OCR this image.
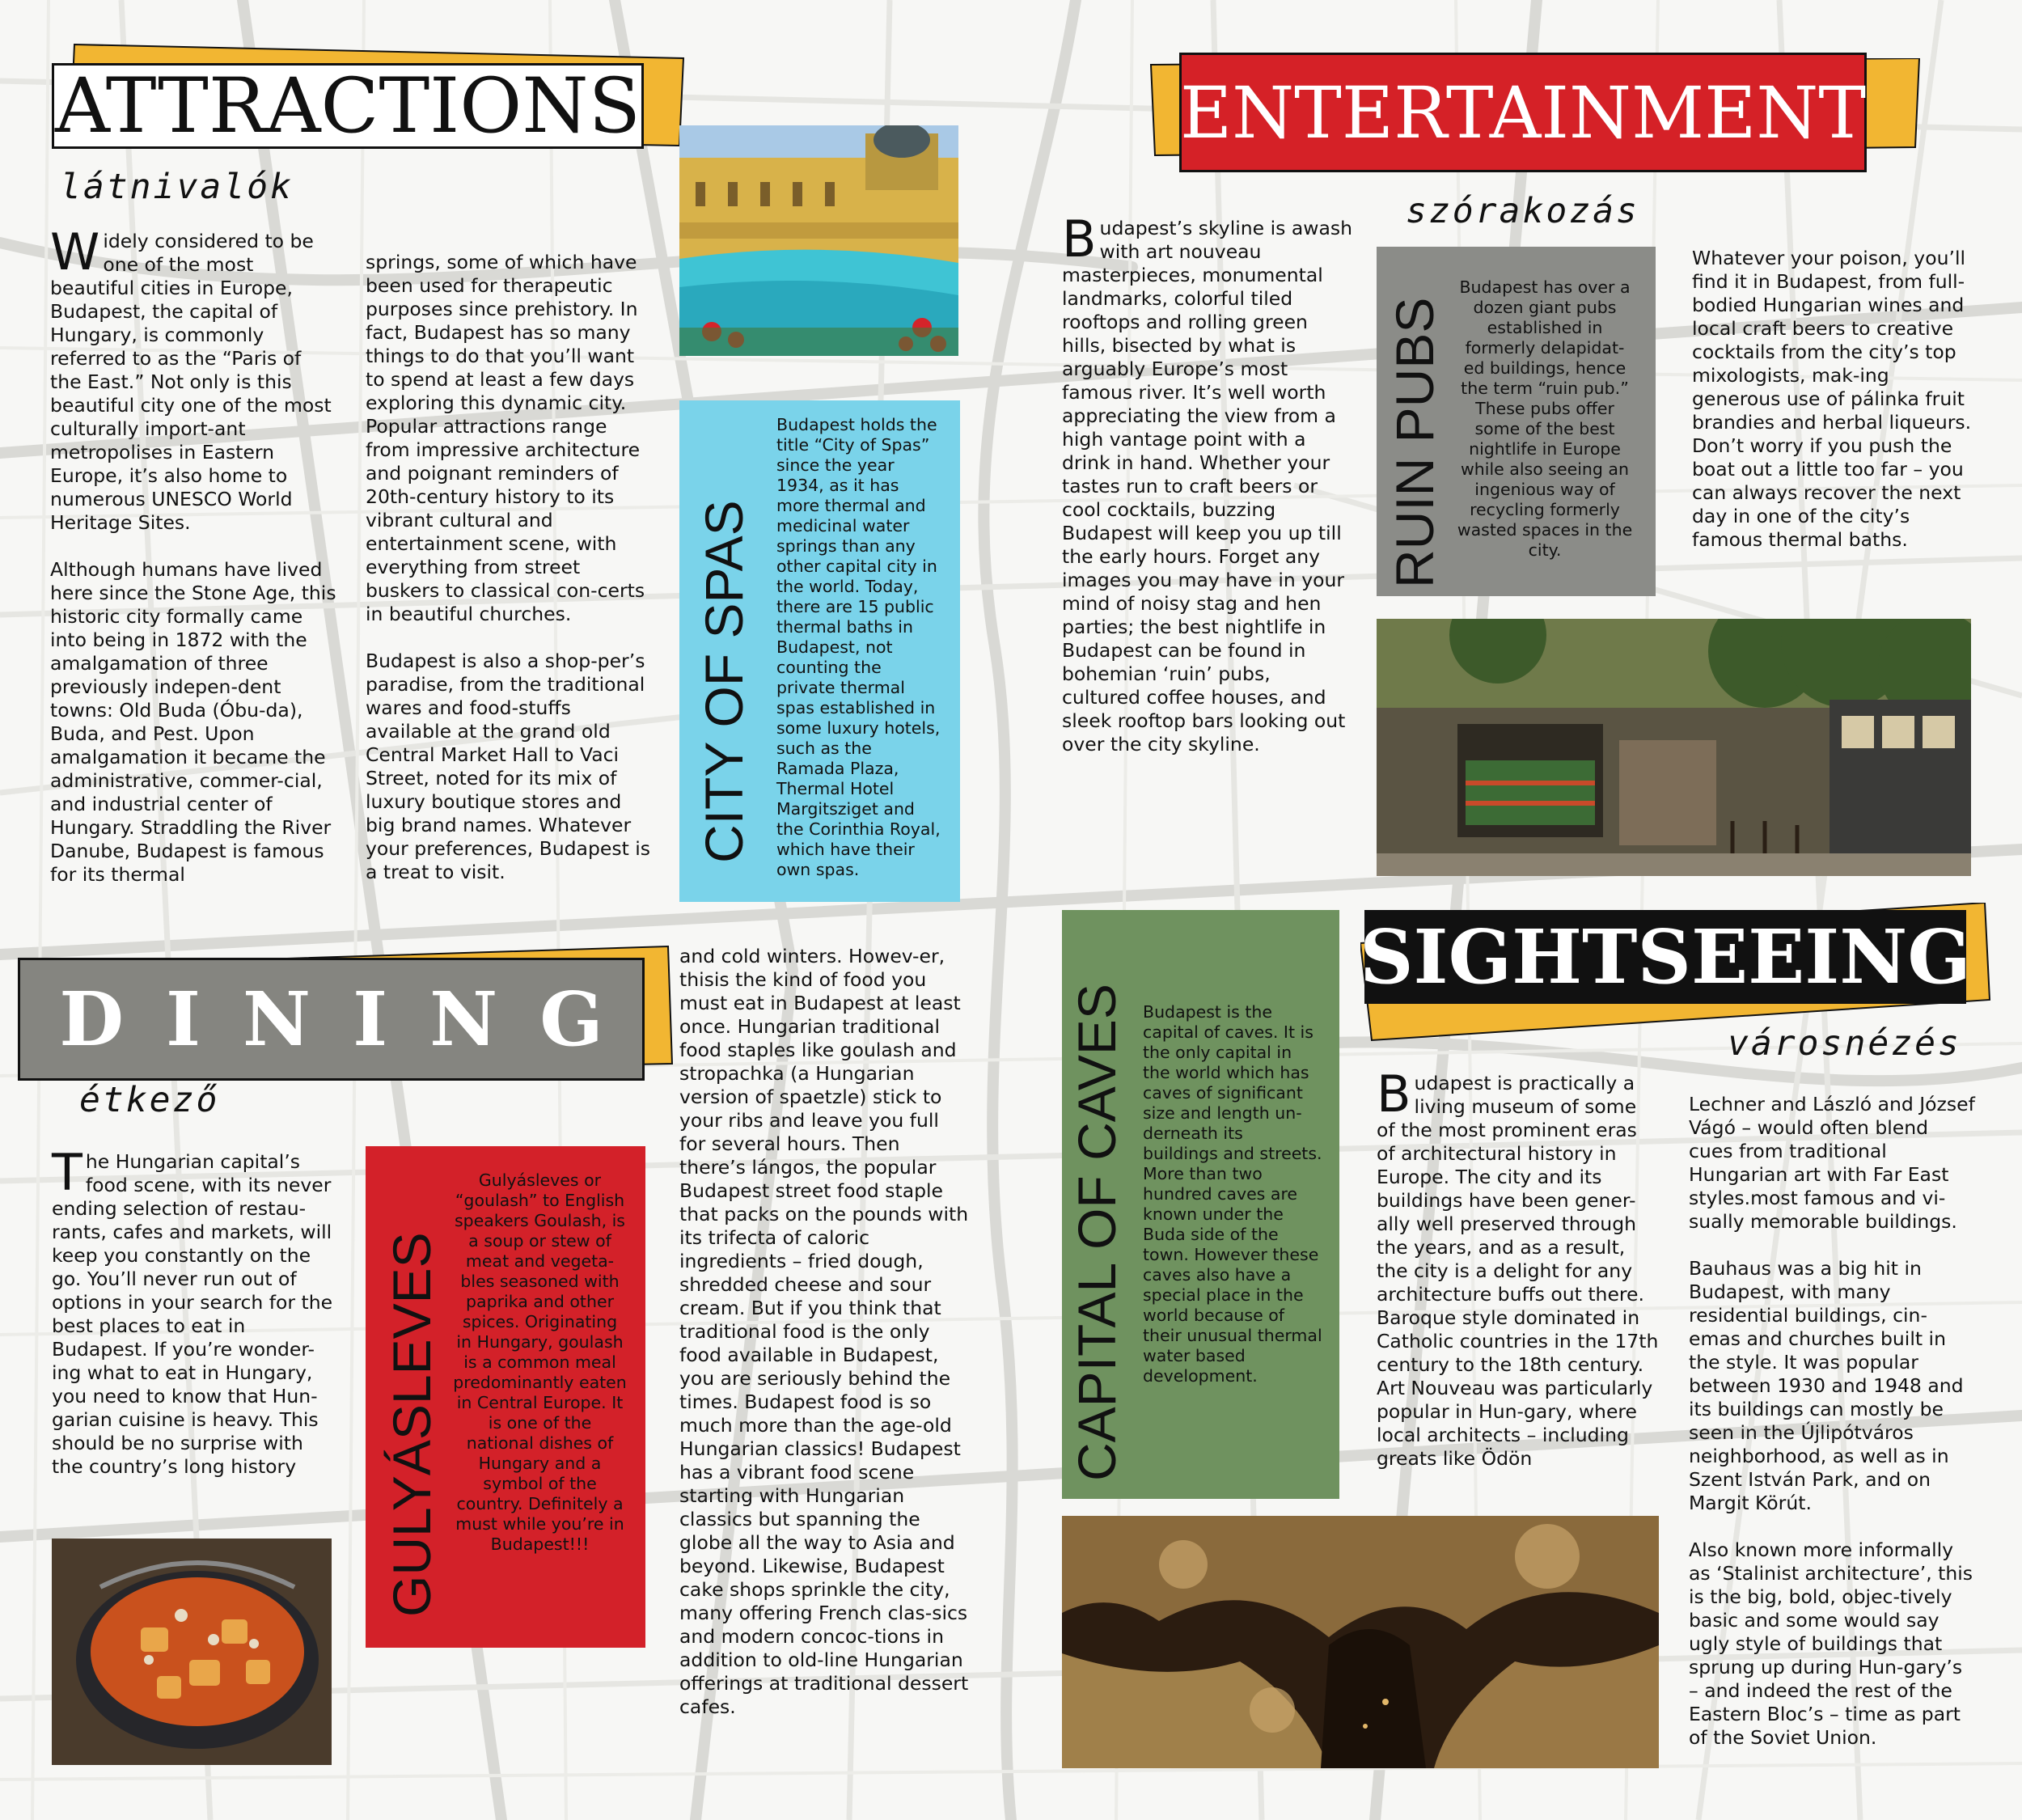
ATTRACTIONS
látnivalók
Widely considered to be one of the most beautiful cities in Europe, Budapest, the capital of Hungary, is commonly referred to as the “Paris of the East.” Not only is this beautiful city one of the most culturally import-ant metropolises in Eastern Europe, it’s also home to numerous UNESCO World Heritage Sites.
Although humans have lived here since the Stone Age, this historic city formally came into being in 1872 with the amalgamation of three previously indepen-dent towns: Old Buda (Óbu-da), Buda, and Pest. Upon amalgamation it became the administrative, commer-cial, and industrial center of Hungary. Straddling the River Danube, Budapest is famous for its thermal
springs, some of which have been used for therapeutic purposes since prehistory. In fact, Budapest has so many things to do that you’ll want to spend at least a few days exploring this dynamic city. Popular attractions range from impressive architecture and poignant reminders of 20th-century history to its vibrant cultural and entertainment scene, with everything from street buskers to classical con-certs in beautiful churches.
Budapest is also a shop-per’s paradise, from the traditional wares and food-stuffs available at the grand old Central Market Hall to Vaci Street, noted for its mix of luxury boutique stores and big brand names. Whatever your preferences, Budapest is a treat to visit.
CITY OF SPAS
Budapest holds the title “City of Spas” since the year 1934, as it has more thermal and medicinal water springs than any other capital city in the world. Today, there are 15 public thermal baths in Budapest, not counting the private thermal spas established in some luxury hotels, such as the Ramada Plaza, Thermal Hotel Margitsziget and the Corinthia Royal, which have their own spas.
ENTERTAINMENT
szórakozás
Budapest’s skyline is awash with art nouveau masterpieces, monumental landmarks, colorful tiled rooftops and rolling green hills, bisected by what is arguably Europe’s most famous river. It’s well worth appreciating the view from a high vantage point with a drink in hand. Whether your tastes run to craft beers or cool cocktails, buzzing Budapest will keep you up till the early hours. Forget any images you may have in your mind of noisy stag and hen parties; the best nightlife in Budapest can be found in bohemian ‘ruin’ pubs, cultured coffee houses, and sleek rooftop bars looking out over the city skyline.
RUIN PUBS
Budapest has over a dozen giant pubs established in formerly delapidat-ed buildings, hence the term “ruin pub.” These pubs offer some of the best nightlife in Europe while also seeing an ingenious way of recycling formerly wasted spaces in the city.
Whatever your poison, you’ll find it in Budapest, from full-bodied Hungarian wines and local craft beers to creative cocktails from the city’s top mixologists, mak-ing generous use of pálinka fruit brandies and herbal liqueurs. Don’t worry if you push the boat out a little too far – you can always recover the next day in one of the city’s famous thermal baths.
DINING
étkező
The Hungarian capital’s food scene, with its never ending selection of restau-rants, cafes and markets, will keep you constantly on the go. You’ll never run out of options in your search for the best places to eat in Budapest. If you’re wonder-ing what to eat in Hungary, you need to know that Hun-garian cuisine is heavy. This should be no surprise with the country’s long history	GULYÁSLEVES
Gulyásleves or “goulash” to English speakers Goulash, is a soup or stew of meat and vegeta-bles seasoned with paprika and other spices. Originating in Hungary, goulash is a common meal predominantly eaten in Central Europe. It is one of the national dishes of Hungary and a symbol of the country. Definitely a must while you’re in Budapest!!!
and cold winters. Howev-er, thisis the kind of food you must eat in Budapest at least once. Hungarian traditional food staples like goulash and stropachka (a Hungarian version of spaetzle) stick to your ribs and leave you full for several hours. Then there’s lángos, the popular Budapest street food staple that packs on the pounds with its trifecta of caloric ingredients – fried dough, shredded cheese and sour cream. But if you think that traditional food is the only food available in Budapest, you are seriously behind the times. Budapest food is so much more than the age-old Hungarian classics! Budapest has a vibrant food scene starting with Hungarian classics but spanning the globe all the way to Asia and beyond. Likewise, Budapest cake shops sprinkle the city, many offering French clas-sics and modern concoc-tions in addition to old-line Hungarian offerings at traditional dessert cafes.
CAPITAL OF CAVES Budapest is the capital of caves. It is the only capital in the world which has caves of significant size and length un-derneath its buildings and streets. More than two hundred caves are known under the Buda side of the town. However these caves also have a special place in the world because of their unusual thermal water based development.
SIGHTSEEING
városnézés
Budapest is practically a living museum of some of the most prominent eras of architectural history in Europe. The city and its buildings have been gener-ally well preserved through the years, and as a result, the city is a delight for any architecture buffs out there. Baroque style dominated in Catholic countries in the 17th century to the 18th century. Art Nouveau was particularly popular in Hun-gary, where local architects – including greats like Ödön
Lechner and László and József Vágó – would often blend cues from traditional Hungarian art with Far East styles.most famous and vi-sually memorable buildings.
Bauhaus was a big hit in Budapest, with many residential buildings, cin-emas and churches built in the style. It was popular between 1930 and 1948 and its buildings can mostly be seen in the Újlipótváros neighborhood, as well as in Szent István Park, and on Margit Körút.
Also known more informally as ‘Stalinist architecture’, this is the big, bold, objec-tively basic and some would say ugly style of buildings that sprung up during Hun-gary’s – and indeed the rest of the Eastern Bloc’s – time as part of the Soviet Union.
